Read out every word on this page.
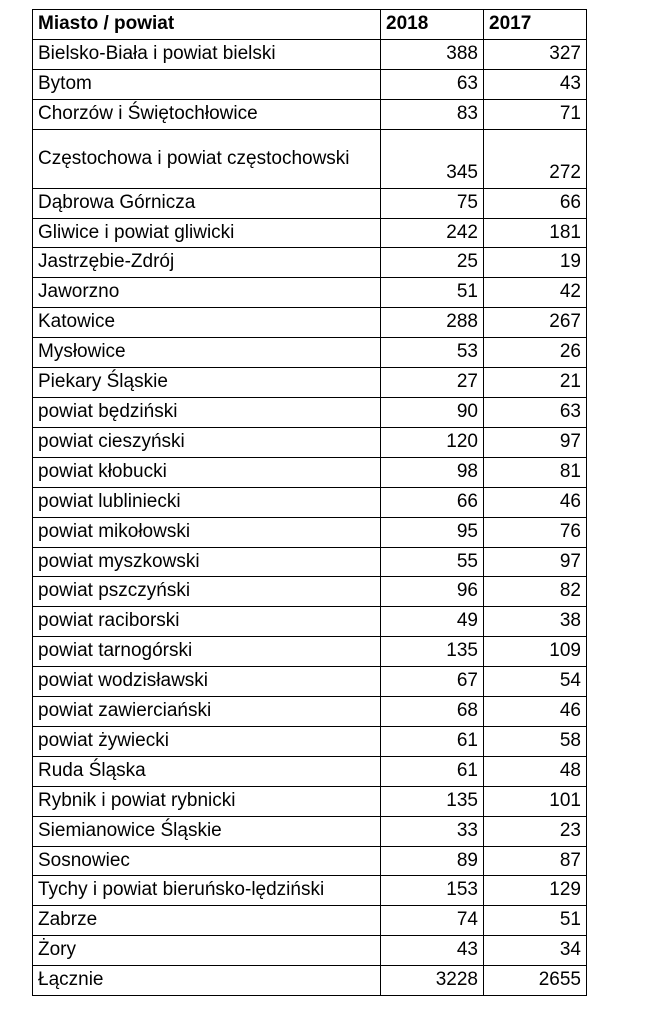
Miasto / powiat	2018	2017
Bielsko-Biała i powiat bielski	388	327
Bytom	63	43
Chorzów i Świętochłowice	83	71
Częstochowa i powiat częstochowski	345	272
Dąbrowa Górnicza	75	66
Gliwice i powiat gliwicki	242	181
Jastrzębie-Zdrój	25	19
Jaworzno	51	42
Katowice	288	267
Mysłowice	53	26
Piekary Śląskie	27	21
powiat będziński	90	63
powiat cieszyński	120	97
powiat kłobucki	98	81
powiat lubliniecki	66	46
powiat mikołowski	95	76
powiat myszkowski	55	97
powiat pszczyński	96	82
powiat raciborski	49	38
powiat tarnogórski	135	109
powiat wodzisławski	67	54
powiat zawierciański	68	46
powiat żywiecki	61	58
Ruda Śląska	61	48
Rybnik i powiat rybnicki	135	101
Siemianowice Śląskie	33	23
Sosnowiec	89	87
Tychy i powiat bieruńsko-lędziński	153	129
Zabrze	74	51
Żory	43	34
Łącznie	3228	2655
